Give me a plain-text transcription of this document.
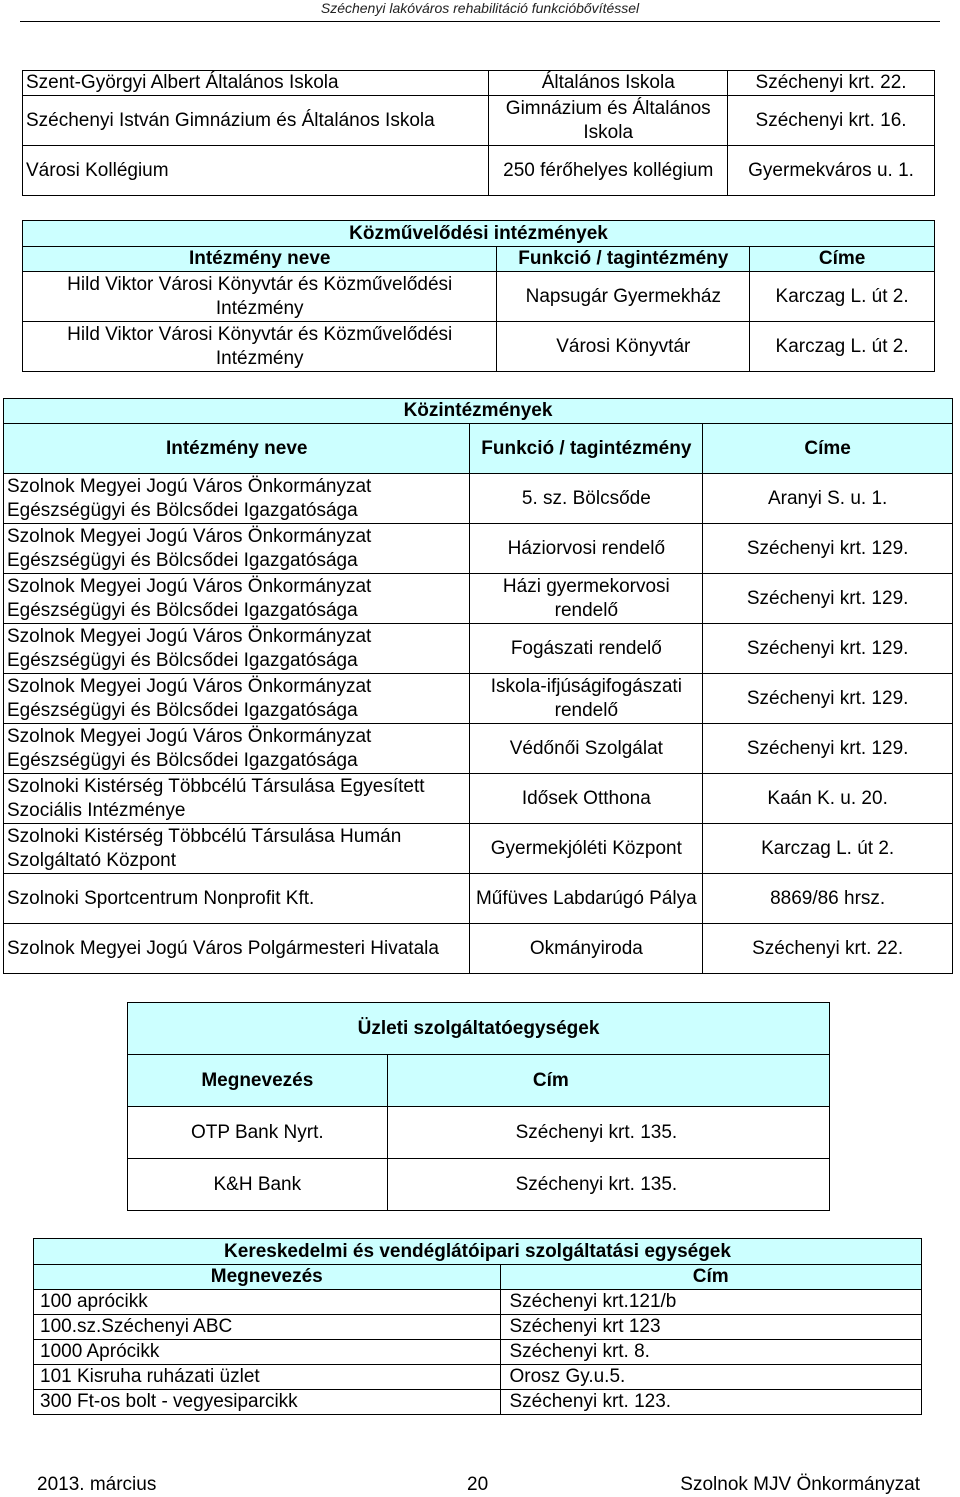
Széchenyi lakóváros rehabilitáció funkcióbővítéssel
Szent-Györgyi Albert Általános Iskola	Általános Iskola	Széchenyi krt. 22.
Széchenyi István Gimnázium és Általános Iskola	Gimnázium és Általános Iskola	Széchenyi krt. 16.
Városi Kollégium	250 férőhelyes kollégium	Gyermekváros u. 1.
Közművelődési intézmények		
Intézmény neve	Funkció / tagintézmény	Címe
Hild Viktor Városi Könyvtár és Közművelődési Intézmény	Napsugár Gyermekház	Karczag L. út 2.
Hild Viktor Városi Könyvtár és Közművelődési Intézmény	Városi Könyvtár	Karczag L. út 2.
Közintézmények		
Intézmény neve	Funkció / tagintézmény	Címe
Szolnok Megyei Jogú Város Önkormányzat Egészségügyi és Bölcsődei Igazgatósága	5. sz. Bölcsőde	Aranyi S. u. 1.
Szolnok Megyei Jogú Város Önkormányzat Egészségügyi és Bölcsődei Igazgatósága	Háziorvosi rendelő	Széchenyi krt. 129.
Szolnok Megyei Jogú Város Önkormányzat Egészségügyi és Bölcsődei Igazgatósága	Házi gyermekorvosi rendelő	Széchenyi krt. 129.
Szolnok Megyei Jogú Város Önkormányzat Egészségügyi és Bölcsődei Igazgatósága	Fogászati rendelő	Széchenyi krt. 129.
Szolnok Megyei Jogú Város Önkormányzat Egészségügyi és Bölcsődei Igazgatósága	Iskola-ifjúságifogászati rendelő	Széchenyi krt. 129.
Szolnok Megyei Jogú Város Önkormányzat Egészségügyi és Bölcsődei Igazgatósága	Védőnői Szolgálat	Széchenyi krt. 129.
Szolnoki Kistérség Többcélú Társulása Egyesített Szociális Intézménye	Idősek Otthona	Kaán K. u. 20.
Szolnoki Kistérség Többcélú Társulása Humán Szolgáltató Központ	Gyermekjóléti Központ	Karczag L. út 2.
Szolnoki Sportcentrum Nonprofit Kft.	Műfüves Labdarúgó Pálya	8869/86 hrsz.
Szolnok Megyei Jogú Város Polgármesteri Hivatala	Okmányiroda	Széchenyi krt. 22.
Üzleti szolgáltatóegységek	
Megnevezés	Cím
OTP Bank Nyrt.	Széchenyi krt. 135.
K&H Bank	Széchenyi krt. 135.
Kereskedelmi és vendéglátóipari szolgáltatási egységek	
Megnevezés	Cím
100 aprócikk	Széchenyi krt.121/b
100.sz.Széchenyi ABC	Széchenyi krt 123
1000 Aprócikk	Széchenyi krt. 8.
101 Kisruha ruházati üzlet	Orosz Gy.u.5.
300 Ft-os bolt - vegyesiparcikk	Széchenyi krt. 123.
2013. március	20	Szolnok MJV Önkormányzat
